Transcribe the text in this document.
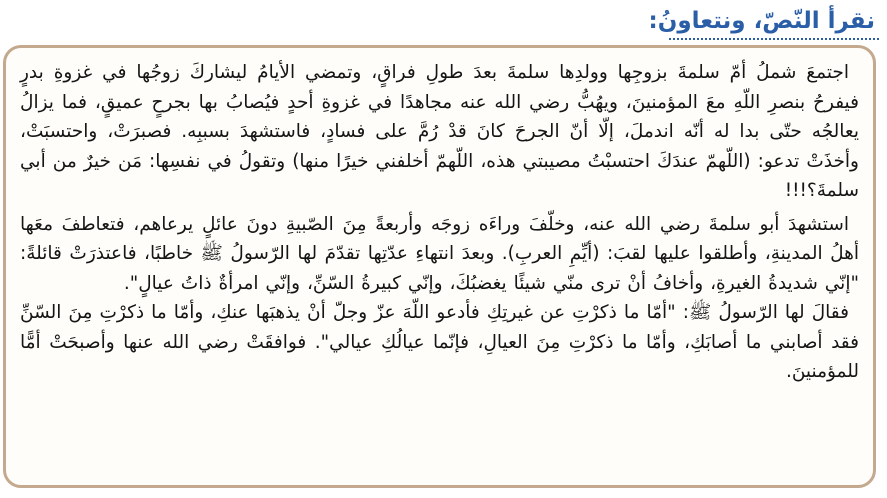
نقرأ النّصّ، ونتعاونُ:

اجتمعَ شملُ أمّ سلمةَ بزوجِها وولدِها سلمةَ بعدَ طولِ فراقٍ، وتمضي الأيامُ ليشاركَ زوجُها في غزوةِ بدرٍ فيفرحُ بنصرِ اللّهِ معَ المؤمنينَ، ويهُبُّ رضي الله عنه مجاهدًا في غزوةِ أحدٍ فيُصابُ بها بجرحٍ عميقٍ، فما يزالُ يعالجُه حتّى بدا له أنّه اندملَ، إلّا أنّ الجرحَ كانَ قدْ رُمَّ على فسادٍ، فاستشهدَ بسببِه. فصبرَتْ، واحتسبَتْ، وأخذَتْ تدعو: (اللّهمّ عندَكَ احتسبْتُ مصيبتي هذه، اللّهمّ أخلفني خيرًا منها) وتقولُ في نفسِها: مَن خيرٌ من أبي سلمةَ؟!!!

استشهدَ أبو سلمةَ رضي الله عنه، وخلّفَ وراءَه زوجَه وأربعةً مِنَ الصّبيةِ دونَ عائلٍ يرعاهم، فتعاطفَ معَها أهلُ المدينةِ، وأطلقوا عليها لقبَ: (أيِّمِ العربِ). وبعدَ انتهاءِ عدّتِها تقدّمَ لها الرّسولُ ﷺ خاطبًا، فاعتذرَتْ قائلةً: "إنّي شديدةُ الغيرةِ، وأخافُ أنْ ترى منّي شيئًا يغضبُكَ، وإنّي كبيرةُ السّنِّ، وإنّي امرأةٌ ذاتُ عيالٍ".

فقالَ لها الرّسولُ ﷺ: "أمّا ما ذكرْتِ عن غيرتِكِ فأدعو اللّهَ عزّ وجلّ أنْ يذهبَها عنكِ، وأمّا ما ذكرْتِ مِنَ السّنِّ فقد أصابني ما أصابَكِ، وأمّا ما ذكرْتِ مِنَ العيالِ، فإنّما عيالُكِ عيالي". فوافقَتْ رضي الله عنها وأصبحَتْ أمًّا للمؤمنينَ.
